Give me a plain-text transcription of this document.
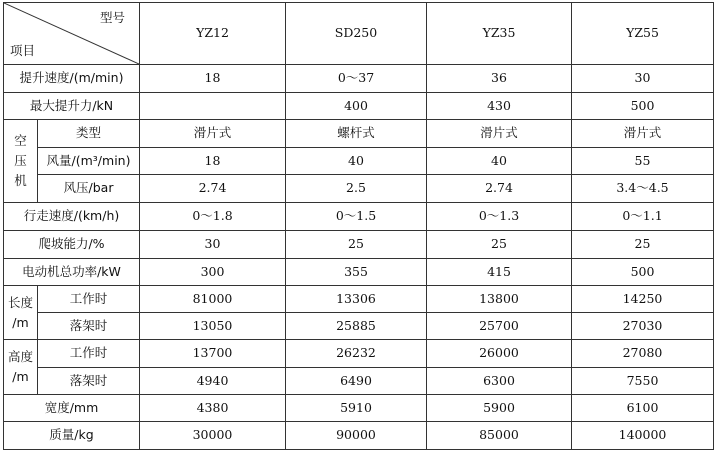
型号
项目		YZ12	SD250	YZ35	YZ55
提升速度/(m/min)		18	0～37	36	30
最大提升力/kN			400	430	500
空
压
机	类型	滑片式	螺杆式	滑片式	滑片式
	风量/(m³/min)	18	40	40	55
	风压/bar	2.74	2.5	2.74	3.4～4.5
行走速度/(km/h)		0～1.8	0～1.5	0～1.3	0～1.1
爬坡能力/%		30	25	25	25
电动机总功率/kW		300	355	415	500
长度
/m	工作时	81000	13306	13800	14250
	落架时	13050	25885	25700	27030
高度
/m	工作时	13700	26232	26000	27080
	落架时	4940	6490	6300	7550
宽度/mm		4380	5910	5900	6100
质量/kg		30000	90000	85000	140000
